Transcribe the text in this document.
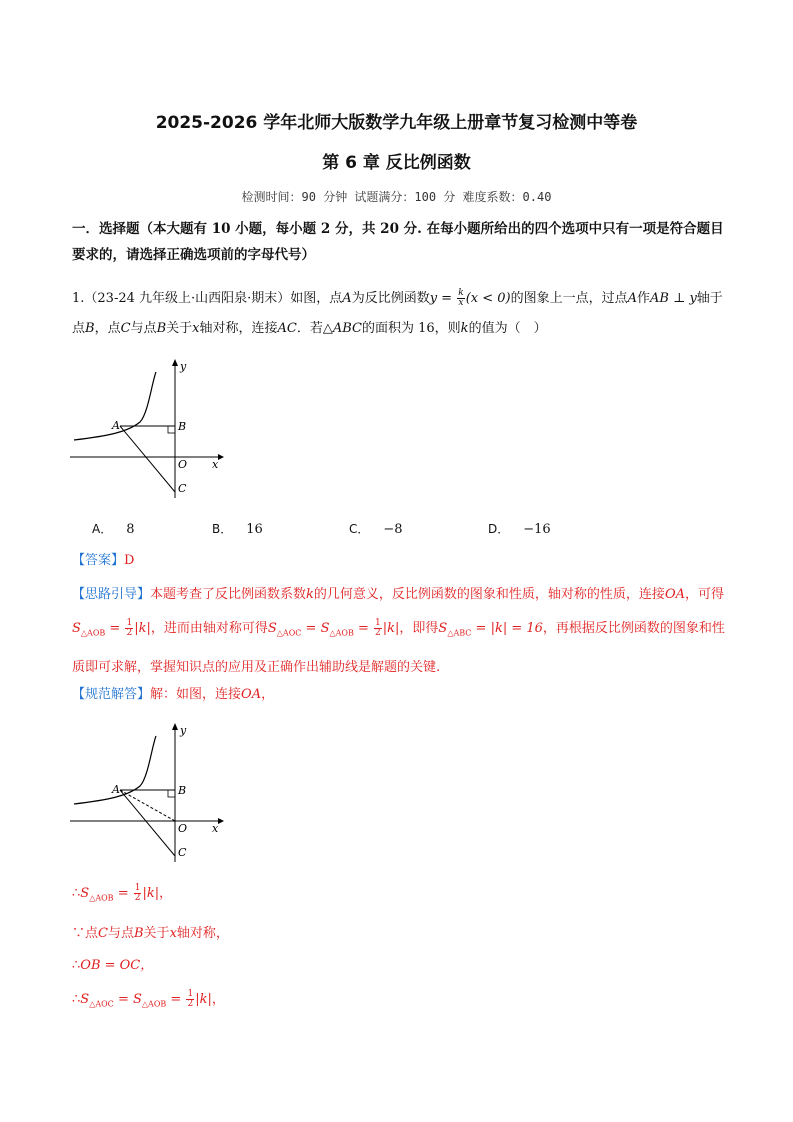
2025-2026 学年北师大版数学九年级上册章节复习检测中等卷
第 6 章 反比例函数
检测时间：90 分钟 试题满分：100 分 难度系数：0.40
一．选择题（本大题有 10 小题，每小题 2 分，共 20 分. 在每小题所给出的四个选项中只有一项是符合题目要求的，请选择正确选项前的字母代号）
1.（23-24 九年级上·山西阳泉·期末）如图，点A为反比例函数$y = \frac{k}{x} (x < 0)$的图象上一点，过点A作AB ⊥ y轴于点B，点C与点B关于x轴对称，连接AC．若△ABC的面积为 16，则k的值为（　）
A	B
O
C
x
y
A． 8	B． 16	C． −8	D． −16
【答案】D
【思路引导】本题考查了反比例函数系数k的几何意义，反比例函数的图象和性质，轴对称的性质，连接OA，可得$S_{\triangle AOB} = \frac{1}{2} |k|$，进而由轴对称可得$S_{\triangle AOC} = S_{\triangle AOB} = \frac{1}{2} |k|$，即得$S_{\triangle ABC} = |k| = 16$，再根据反比例函数的图象和性质即可求解，掌握知识点的应用及正确作出辅助线是解题的关键.
【规范解答】解：如图，连接OA，
A	B
O
C
x
y
$\therefore S_{\triangle AOB} = \frac{1}{2} |k|$，
∵点C与点B关于x轴对称，
∴OB = OC，
$\therefore S_{\triangle AOC} = S_{\triangle AOB} = \frac{1}{2} |k|$，
